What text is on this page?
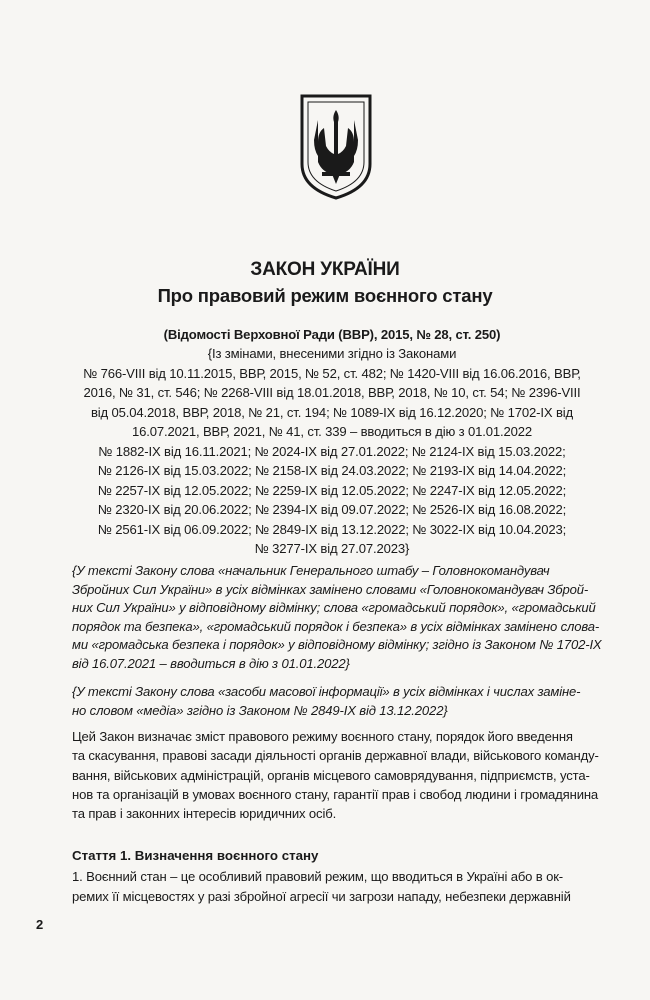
ЗАКОН УКРАЇНИ
Про правовий режим воєнного стану
(Відомості Верховної Ради (ВВР), 2015, № 28, ст. 250)
{Із змінами, внесеними згідно із Законами
№ 766-VIII від 10.11.2015, ВВР, 2015, № 52, ст. 482; № 1420-VIII від 16.06.2016, ВВР,
2016, № 31, ст. 546; № 2268-VIII від 18.01.2018, ВВР, 2018, № 10, ст. 54; № 2396-VIII
від 05.04.2018, ВВР, 2018, № 21, ст. 194; № 1089-IX від 16.12.2020; № 1702-IX від
16.07.2021, ВВР, 2021, № 41, ст. 339 – вводиться в дію з 01.01.2022
№ 1882-IX від 16.11.2021; № 2024-IX від 27.01.2022; № 2124-IX від 15.03.2022;
№ 2126-IX від 15.03.2022; № 2158-IX від 24.03.2022; № 2193-IX від 14.04.2022;
№ 2257-IX від 12.05.2022; № 2259-IX від 12.05.2022; № 2247-IX від 12.05.2022;
№ 2320-IX від 20.06.2022; № 2394-IX від 09.07.2022; № 2526-IX від 16.08.2022;
№ 2561-IX від 06.09.2022; № 2849-IX від 13.12.2022; № 3022-IX від 10.04.2023;
№ 3277-IX від 27.07.2023}
{У тексті Закону слова «начальник Генерального штабу – Головнокомандувач
Збройних Сил України» в усіх відмінках замінено словами «Головнокомандувач Зброй-
них Сил України» у відповідному відмінку; слова «громадський порядок», «громадський
порядок та безпека», «громадський порядок і безпека» в усіх відмінках замінено слова-
ми «громадська безпека і порядок» у відповідному відмінку; згідно із Законом № 1702-IX
від 16.07.2021 – вводиться в дію з 01.01.2022}
{У тексті Закону слова «засоби масової інформації» в усіх відмінках і числах заміне-
но словом «медіа» згідно із Законом № 2849-IX від 13.12.2022}
Цей Закон визначає зміст правового режиму воєнного стану, порядок його введення
та скасування, правові засади діяльності органів державної влади, військового команду-
вання, військових адміністрацій, органів місцевого самоврядування, підприємств, уста-
нов та організацій в умовах воєнного стану, гарантії прав і свобод людини і громадянина
та прав і законних інтересів юридичних осіб.
Стаття 1. Визначення воєнного стану
1. Воєнний стан – це особливий правовий режим, що вводиться в Україні або в ок-
ремих її місцевостях у разі збройної агресії чи загрози нападу, небезпеки державній
2
